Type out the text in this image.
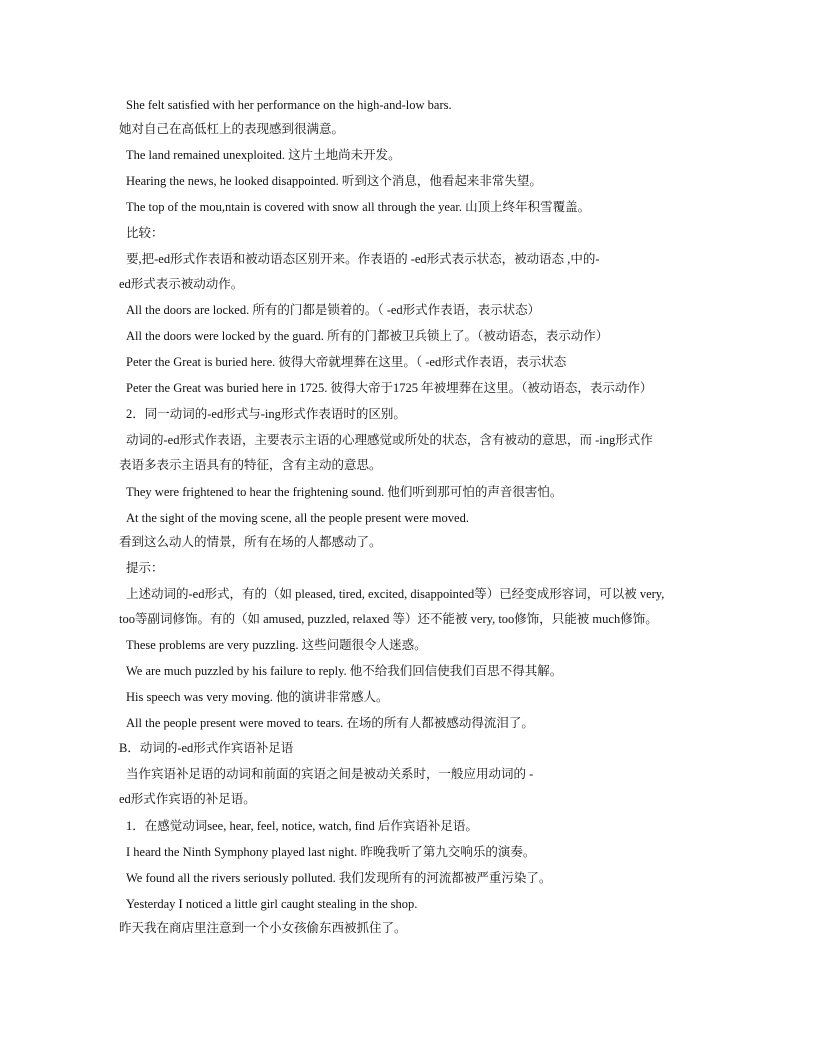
She felt satisfied with her performance on the high-and-low bars.
她对自己在高低杠上的表现感到很满意。
The land remained unexploited. 这片土地尚未开发。
Hearing the news, he looked disappointed. 听到这个消息，他看起来非常失望。
The top of the mou,ntain is covered with snow all through the year. 山顶上终年积雪覆盖。
比较：
要,把-ed形式作表语和被动语态区别开来。作表语的 -ed形式表示状态，被动语态 ,中的-
ed形式表示被动动作。
All the doors are locked. 所有的门都是锁着的。（ -ed形式作表语，表示状态）
All the doors were locked by the guard. 所有的门都被卫兵锁上了。（被动语态，表示动作）
Peter the Great is buried here. 彼得大帝就埋葬在这里。（ -ed形式作表语，表示状态
Peter the Great was buried here in 1725. 彼得大帝于1725 年被埋葬在这里。（被动语态，表示动作）
2．同一动词的-ed形式与-ing形式作表语时的区别。
动词的-ed形式作表语，主要表示主语的心理感觉或所处的状态，含有被动的意思，而 -ing形式作
表语多表示主语具有的特征，含有主动的意思。
They were frightened to hear the frightening sound. 他们听到那可怕的声音很害怕。
At the sight of the moving scene, all the people present were moved.
看到这么动人的情景，所有在场的人都感动了。
提示：
上述动词的-ed形式，有的（如 pleased, tired, excited, disappointed等）已经变成形容词，可以被 very,
too等副词修饰。有的（如 amused, puzzled, relaxed 等）还不能被 very, too修饰，只能被 much修饰。
These problems are very puzzling. 这些问题很令人迷惑。
We are much puzzled by his failure to reply. 他不给我们回信使我们百思不得其解。
His speech was very moving. 他的演讲非常感人。
All the people present were moved to tears. 在场的所有人都被感动得流泪了。
B．动词的-ed形式作宾语补足语
当作宾语补足语的动词和前面的宾语之间是被动关系时，一般应用动词的 -
ed形式作宾语的补足语。
1．在感觉动词see, hear, feel, notice, watch, find 后作宾语补足语。
I heard the Ninth Symphony played last night. 昨晚我听了第九交响乐的演奏。
We found all the rivers seriously polluted. 我们发现所有的河流都被严重污染了。
Yesterday I noticed a little girl caught stealing in the shop.
昨天我在商店里注意到一个小女孩偷东西被抓住了。
